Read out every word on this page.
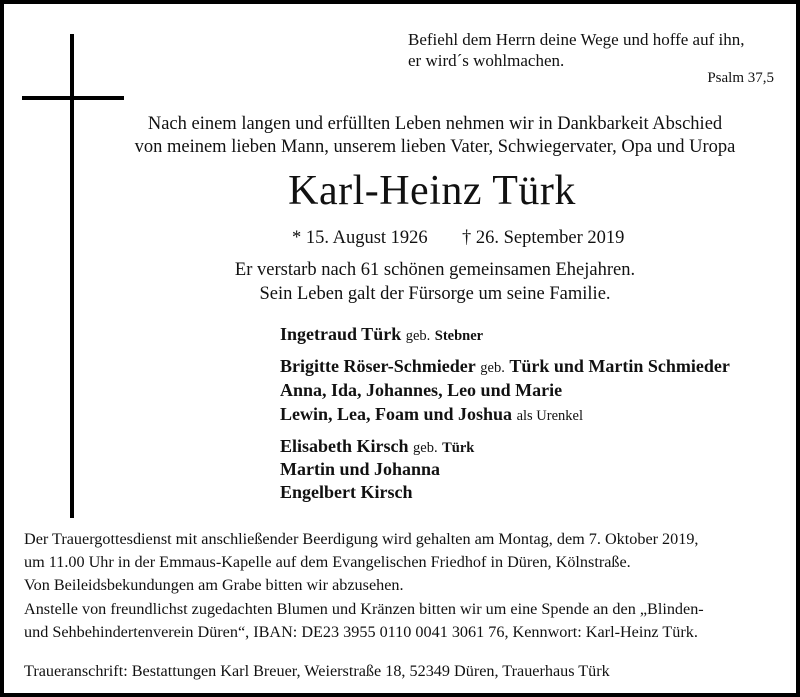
Befiehl dem Herrn deine Wege und hoffe auf ihn,
er wird´s wohlmachen.
Psalm 37,5
Nach einem langen und erfüllten Leben nehmen wir in Dankbarkeit Abschied
von meinem lieben Mann, unserem lieben Vater, Schwiegervater, Opa und Uropa
Karl-Heinz Türk
* 15. August 1926 † 26. September 2019
Er verstarb nach 61 schönen gemeinsamen Ehejahren.
Sein Leben galt der Fürsorge um seine Familie.
Ingetraud Türk geb. Stebner
Brigitte Röser-Schmieder geb. Türk und Martin Schmieder
Anna, Ida, Johannes, Leo und Marie
Lewin, Lea, Foam und Joshua als Urenkel
Elisabeth Kirsch geb. Türk
Martin und Johanna
Engelbert Kirsch
Der Trauergottesdienst mit anschließender Beerdigung wird gehalten am Montag, dem 7. Oktober 2019,
um 11.00 Uhr in der Emmaus-Kapelle auf dem Evangelischen Friedhof in Düren, Kölnstraße.
Von Beileidsbekundungen am Grabe bitten wir abzusehen.
Anstelle von freundlichst zugedachten Blumen und Kränzen bitten wir um eine Spende an den „Blinden-
und Sehbehindertenverein Düren“, IBAN: DE23 3955 0110 0041 3061 76, Kennwort: Karl-Heinz Türk.
Traueranschrift: Bestattungen Karl Breuer, Weierstraße 18, 52349 Düren, Trauerhaus Türk
